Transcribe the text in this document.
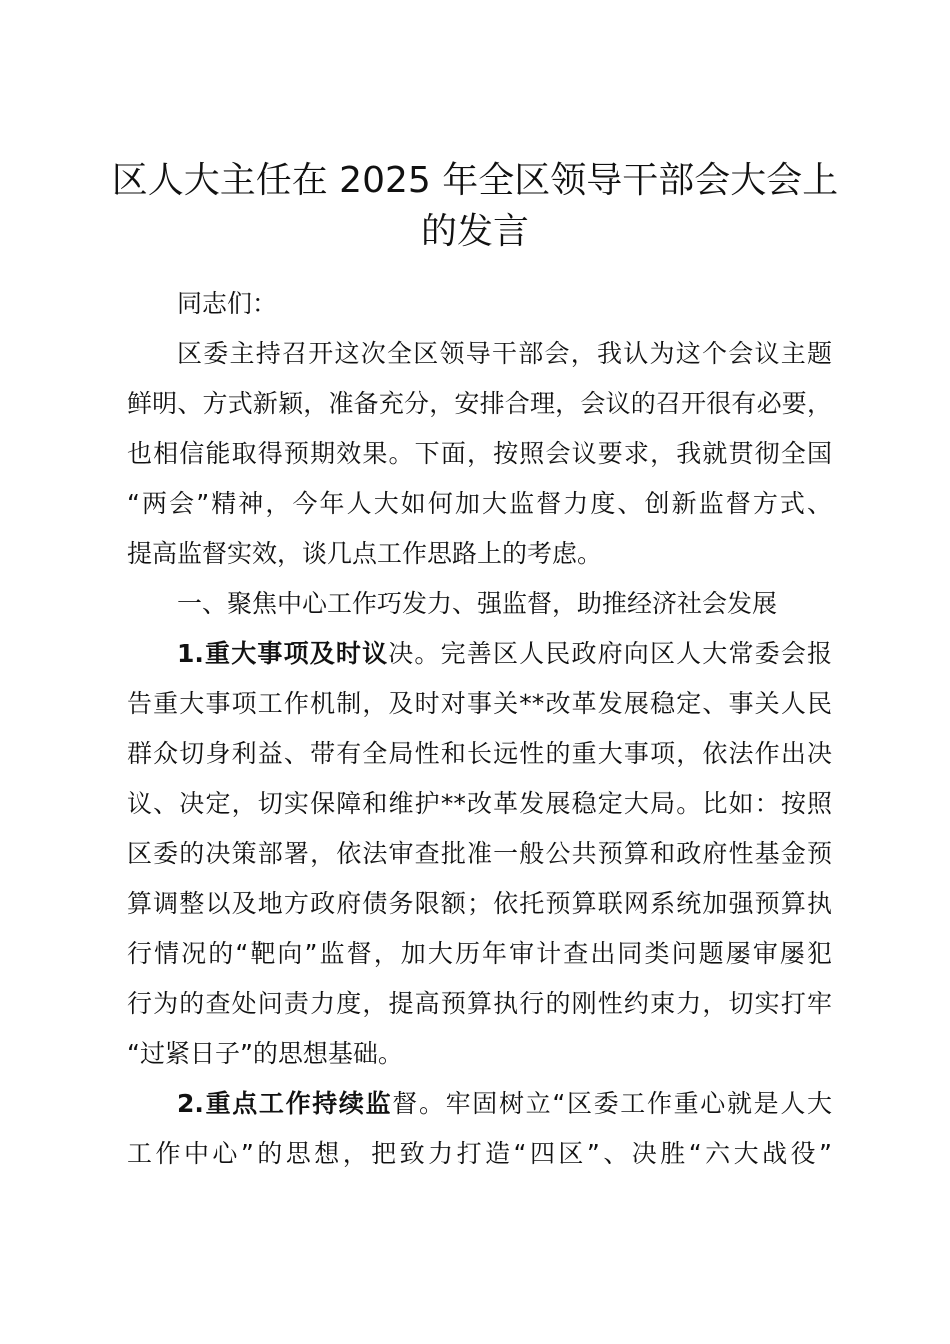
区人大主任在 2025 年全区领导干部会大会上
的发言

同志们：

区委主持召开这次全区领导干部会，我认为这个会议主题

鲜明、方式新颖，准备充分，安排合理，会议的召开很有必要，

也相信能取得预期效果。下面，按照会议要求，我就贯彻全国

“两会”精神，今年人大如何加大监督力度、创新监督方式、

提高监督实效，谈几点工作思路上的考虑。

一、聚焦中心工作巧发力、强监督，助推经济社会发展

1.重大事项及时议决。完善区人民政府向区人大常委会报

告重大事项工作机制，及时对事关**改革发展稳定、事关人民

群众切身利益、带有全局性和长远性的重大事项，依法作出决

议、决定，切实保障和维护**改革发展稳定大局。比如：按照

区委的决策部署，依法审查批准一般公共预算和政府性基金预

算调整以及地方政府债务限额；依托预算联网系统加强预算执

行情况的“靶向”监督，加大历年审计查出同类问题屡审屡犯

行为的查处问责力度，提高预算执行的刚性约束力，切实打牢

“过紧日子”的思想基础。

2.重点工作持续监督。牢固树立“区委工作重心就是人大

工作中心”的思想，把致力打造“四区”、决胜“六大战役”
